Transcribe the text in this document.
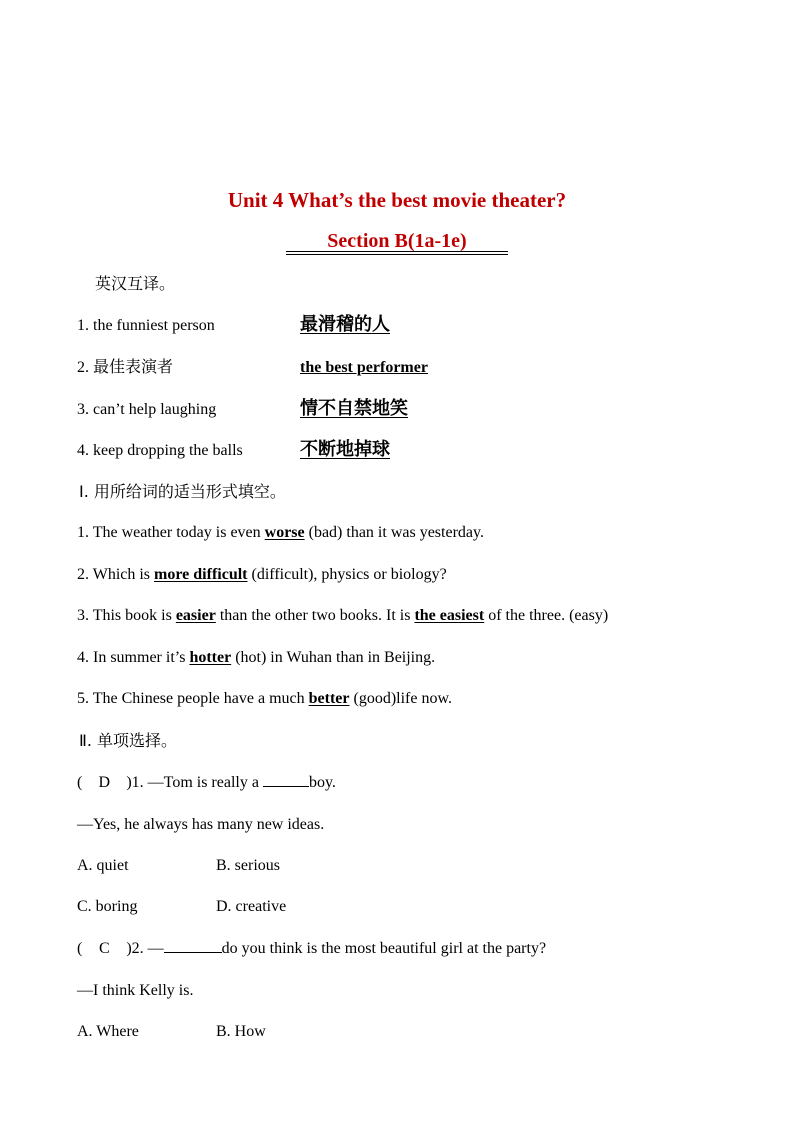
Unit 4 What’s the best movie theater?
Section B(1a-1e)
英汉互译。
1. the funniest person	最滑稽的人
2. 最佳表演者	the best performer
3. can’t help laughing	情不自禁地笑
4. keep dropping the balls	不断地掉球
Ⅰ. 用所给词的适当形式填空。
1. The weather today is even worse (bad) than it was yesterday.
2. Which is more difficult (difficult), physics or biology?
3. This book is easier than the other two books. It is the easiest of the three. (easy)
4. In summer it’s hotter (hot) in Wuhan than in Beijing.
5. The Chinese people have a much better (good)life now.
Ⅱ. 单项选择。
( D )1. —Tom is really a	boy.
—Yes, he always has many new ideas.
A. quiet	B. serious
C. boring	D. creative
( C )2. —	do you think is the most beautiful girl at the party?
—I think Kelly is.
A. Where	B. How
